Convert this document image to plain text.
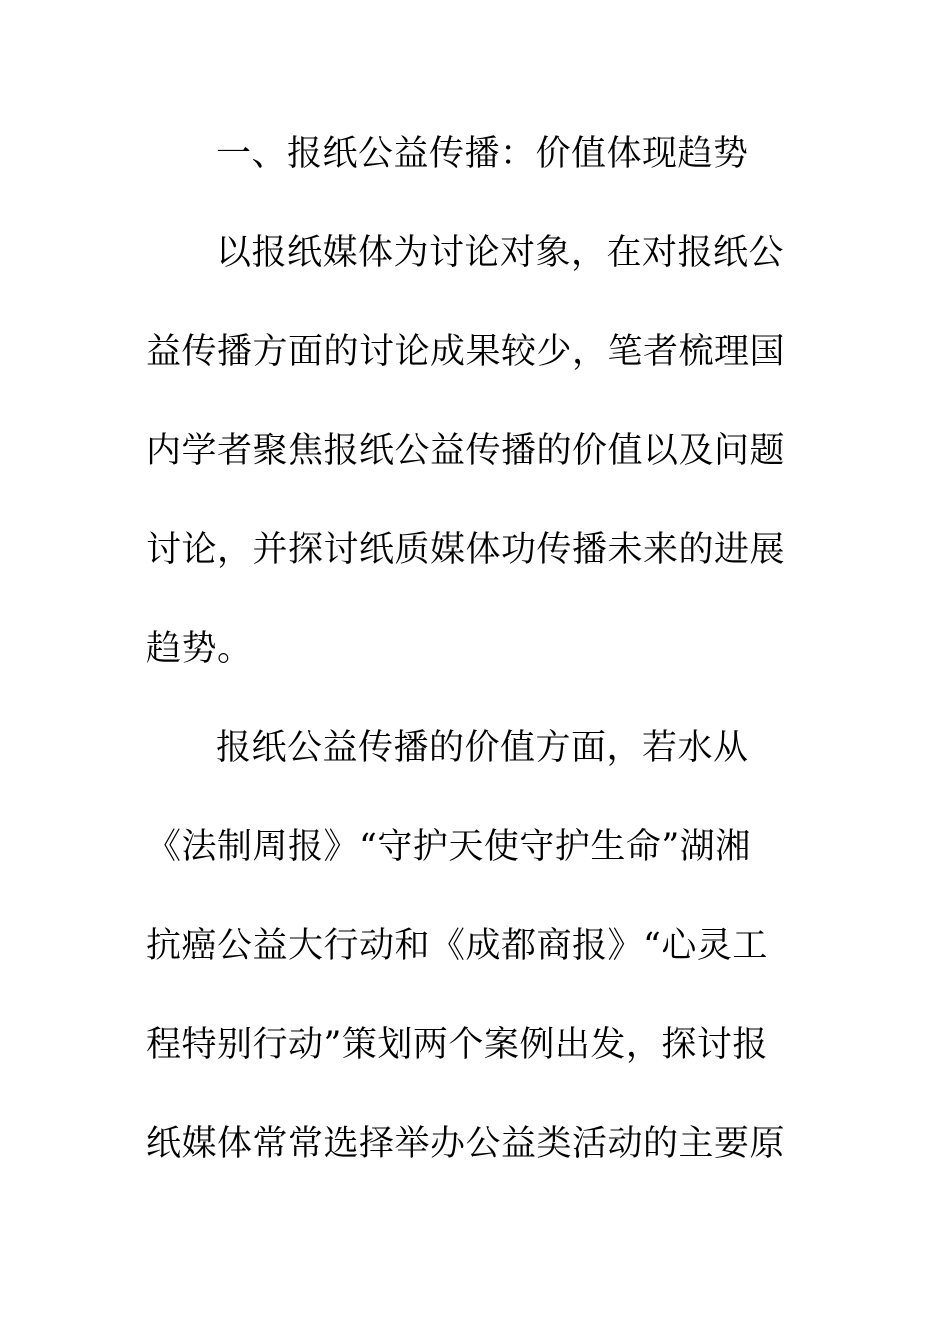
一、报纸公益传播：价值体现趋势
以报纸媒体为讨论对象，在对报纸公
益传播方面的讨论成果较少，笔者梳理国
内学者聚焦报纸公益传播的价值以及问题
讨论，并探讨纸质媒体功传播未来的进展
趋势。
报纸公益传播的价值方面，若水从
《法制周报》“守护天使守护生命”湖湘
抗癌公益大行动和《成都商报》“心灵工
程特别行动”策划两个案例出发，探讨报
纸媒体常常选择举办公益类活动的主要原
